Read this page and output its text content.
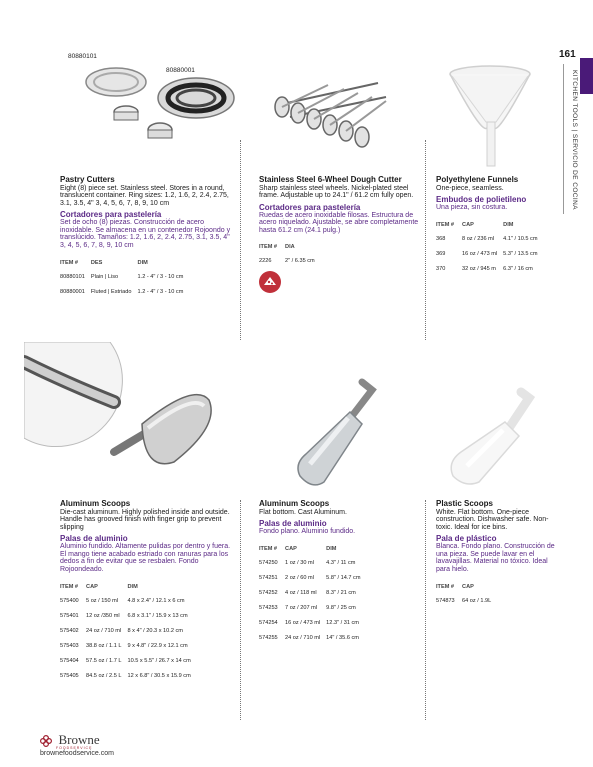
161
KITCHEN TOOLS | SERVICIO DE COCINA
80880101
80880001
Pastry Cutters
Eight (8) piece set. Stainless steel. Stores in a round, translucent container. Ring sizes: 1.2, 1.6, 2, 2.4, 2.75, 3.1, 3.5, 4" 3, 4, 5, 6, 7, 8, 9, 10 cm
Cortadores para pastelería
Set de ocho (8) piezas. Construcción de acero inoxidable. Se almacena en un contenedor Rojoondo y translúcido. Tamaños: 1.2, 1.6, 2, 2.4, 2.75, 3.1, 3.5, 4" 3, 4, 5, 6, 7, 8, 9, 10 cm
ITEM #	DES	DIM
80880101	Plain | Liso	1.2 - 4" / 3 - 10 cm
80880001	Fluted | Estriado	1.2 - 4" / 3 - 10 cm
Stainless Steel 6-Wheel Dough Cutter
Sharp stainless steel wheels. Nickel-plated steel frame. Adjustable up to 24.1" / 61.2 cm fully open.
Cortadores para pastelería
Ruedas de acero inoxidable filosas. Estructura de acero niquelado. Ajustable, se abre completamente hasta 61.2 cm (24.1 pulg.)
ITEM #	DIA
2226	2" / 6.35 cm
Polyethylene Funnels
One-piece, seamless.
Embudos de polietileno
Una pieza, sin costura.
ITEM #	CAP	DIM
368	8 oz / 236 ml	4.1" / 10.5 cm
369	16 oz / 473 ml	5.3" / 13.5 cm
370	32 oz / 945 m	6.3" / 16 cm
Aluminum Scoops
Die-cast aluminum. Highly polished inside and outside. Handle has grooved finish with finger grip to prevent slipping
Palas de aluminio
Aluminio fundido. Altamente pulidas por dentro y fuera. El mango tiene acabado estriado con ranuras para los dedos a fin de evitar que se resbalen. Fondo Rojoondeado.
ITEM #	CAP	DIM
575400	5 oz / 150 ml	4.8 x 2.4" / 12.1 x 6 cm
575401	12 oz /350 ml	6.8 x 3.1" / 15.9 x 13 cm
575402	24 oz / 710 ml	8 x 4" / 20.3 x 10.2 cm
575403	38.8 oz / 1.1 L	9 x 4.8" / 22.9 x 12.1 cm
575404	57.5 oz / 1.7 L	10.5 x 5.5" / 26.7 x 14 cm
575405	84.5 oz / 2.5 L	12 x 6.8" / 30.5 x 15.9 cm
Aluminum Scoops
Flat bottom. Cast Aluminum.
Palas de aluminio
Fondo plano. Aluminio fundido.
ITEM #	CAP	DIM
574250	1 oz / 30 ml	4.3" / 11 cm
574251	2 oz / 60 ml	5.8" / 14.7 cm
574252	4 oz / 118 ml	8.3" / 21 cm
574253	7 oz / 207 ml	9.8" / 25 cm
574254	16 oz / 473 ml	12.3" / 31 cm
574255	24 oz / 710 ml	14" / 35.6 cm
Plastic Scoops
White. Flat bottom. One-piece construction. Dishwasher safe. Non-toxic. Ideal for ice bins.
Pala de plástico
Blanca. Fondo plano. Construcción de una pieza. Se puede lavar en el lavavajillas. Material no tóxico. Ideal para hielo.
ITEM #	CAP
574873	64 oz / 1.9L
Browne
FOODSERVICE
brownefoodservice.com
